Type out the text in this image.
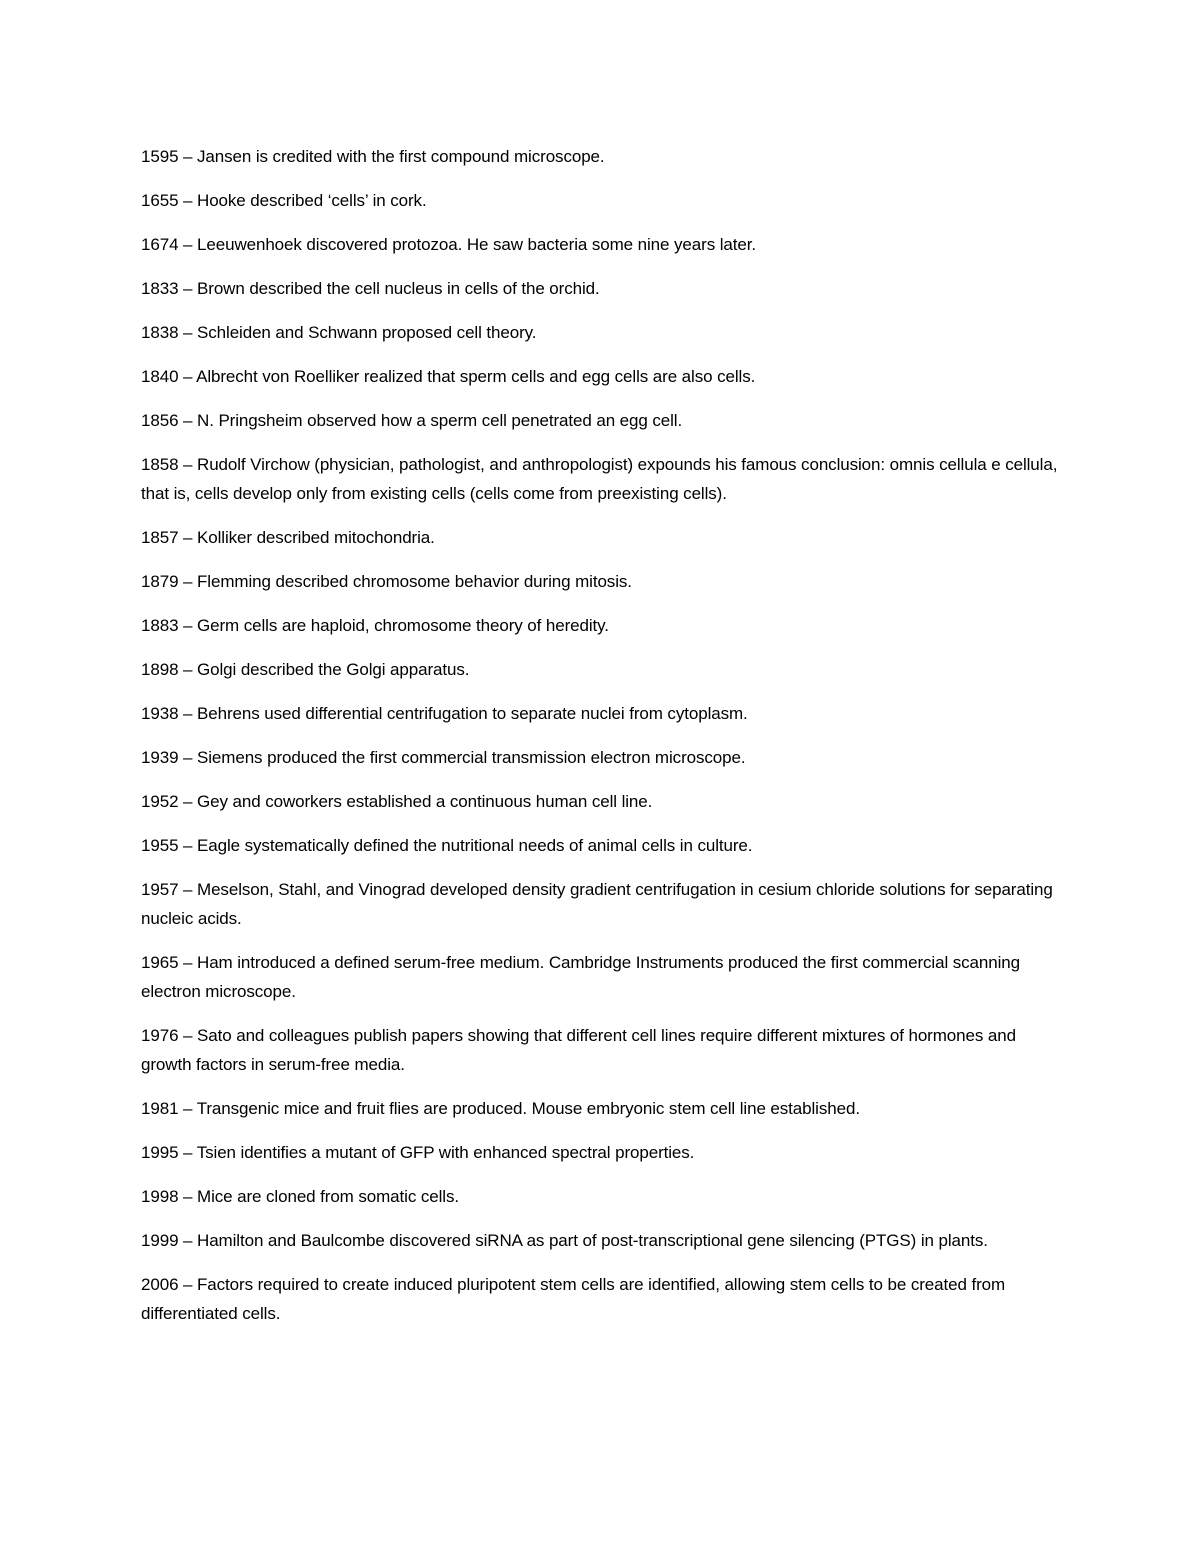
1595 – Jansen is credited with the first compound microscope.
1655 – Hooke described ‘cells’ in cork.
1674 – Leeuwenhoek discovered protozoa. He saw bacteria some nine years later.
1833 – Brown described the cell nucleus in cells of the orchid.
1838 – Schleiden and Schwann proposed cell theory.
1840 – Albrecht von Roelliker realized that sperm cells and egg cells are also cells.
1856 – N. Pringsheim observed how a sperm cell penetrated an egg cell.
1858 – Rudolf Virchow (physician, pathologist, and anthropologist) expounds his famous conclusion: omnis cellula e cellula, that is, cells develop only from existing cells (cells come from preexisting cells).
1857 – Kolliker described mitochondria.
1879 – Flemming described chromosome behavior during mitosis.
1883 – Germ cells are haploid, chromosome theory of heredity.
1898 – Golgi described the Golgi apparatus.
1938 – Behrens used differential centrifugation to separate nuclei from cytoplasm.
1939 – Siemens produced the first commercial transmission electron microscope.
1952 – Gey and coworkers established a continuous human cell line.
1955 – Eagle systematically defined the nutritional needs of animal cells in culture.
1957 – Meselson, Stahl, and Vinograd developed density gradient centrifugation in cesium chloride solutions for separating nucleic acids.
1965 – Ham introduced a defined serum-free medium. Cambridge Instruments produced the first commercial scanning electron microscope.
1976 – Sato and colleagues publish papers showing that different cell lines require different mixtures of hormones and growth factors in serum-free media.
1981 – Transgenic mice and fruit flies are produced. Mouse embryonic stem cell line established.
1995 – Tsien identifies a mutant of GFP with enhanced spectral properties.
1998 – Mice are cloned from somatic cells.
1999 – Hamilton and Baulcombe discovered siRNA as part of post-transcriptional gene silencing (PTGS) in plants.
2006 – Factors required to create induced pluripotent stem cells are identified, allowing stem cells to be created from differentiated cells.
